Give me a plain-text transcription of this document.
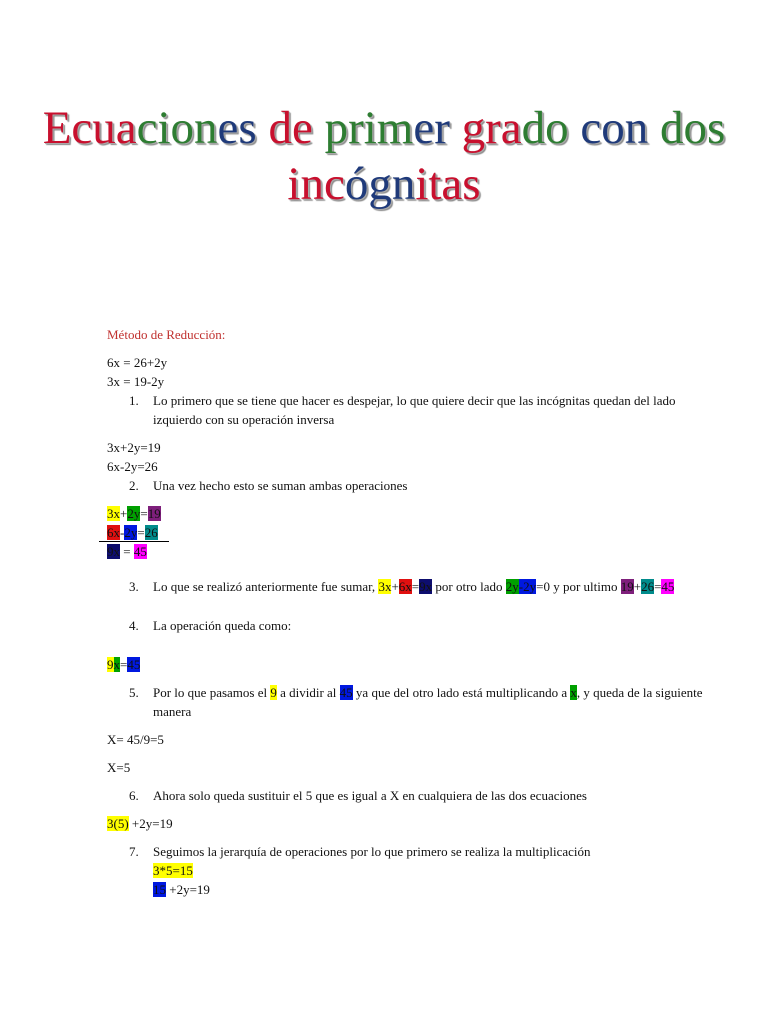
Ecuaciones de primer grado con dos
incógnitas
Método de Reducción:
6x = 26+2y
3x = 19-2y
1. Lo primero que se tiene que hacer es despejar, lo que quiere decir que las incógnitas quedan del lado izquierdo con su operación inversa
3x+2y=19
6x-2y=26
2. Una vez hecho esto se suman ambas operaciones
3x+2y=19
6x-2y=26
9x = 45
3. Lo que se realizó anteriormente fue sumar, 3x+6x=9x por otro lado 2y-2y=0 y por ultimo 19+26=45
4. La operación queda como:
9x=45
5. Por lo que pasamos el 9 a dividir al 45 ya que del otro lado está multiplicando a x, y queda de la siguiente manera
X= 45/9=5
X=5
6. Ahora solo queda sustituir el 5 que es igual a X en cualquiera de las dos ecuaciones
3(5) +2y=19
7. Seguimos la jerarquía de operaciones por lo que primero se realiza la multiplicación
3*5=15
15 +2y=19
